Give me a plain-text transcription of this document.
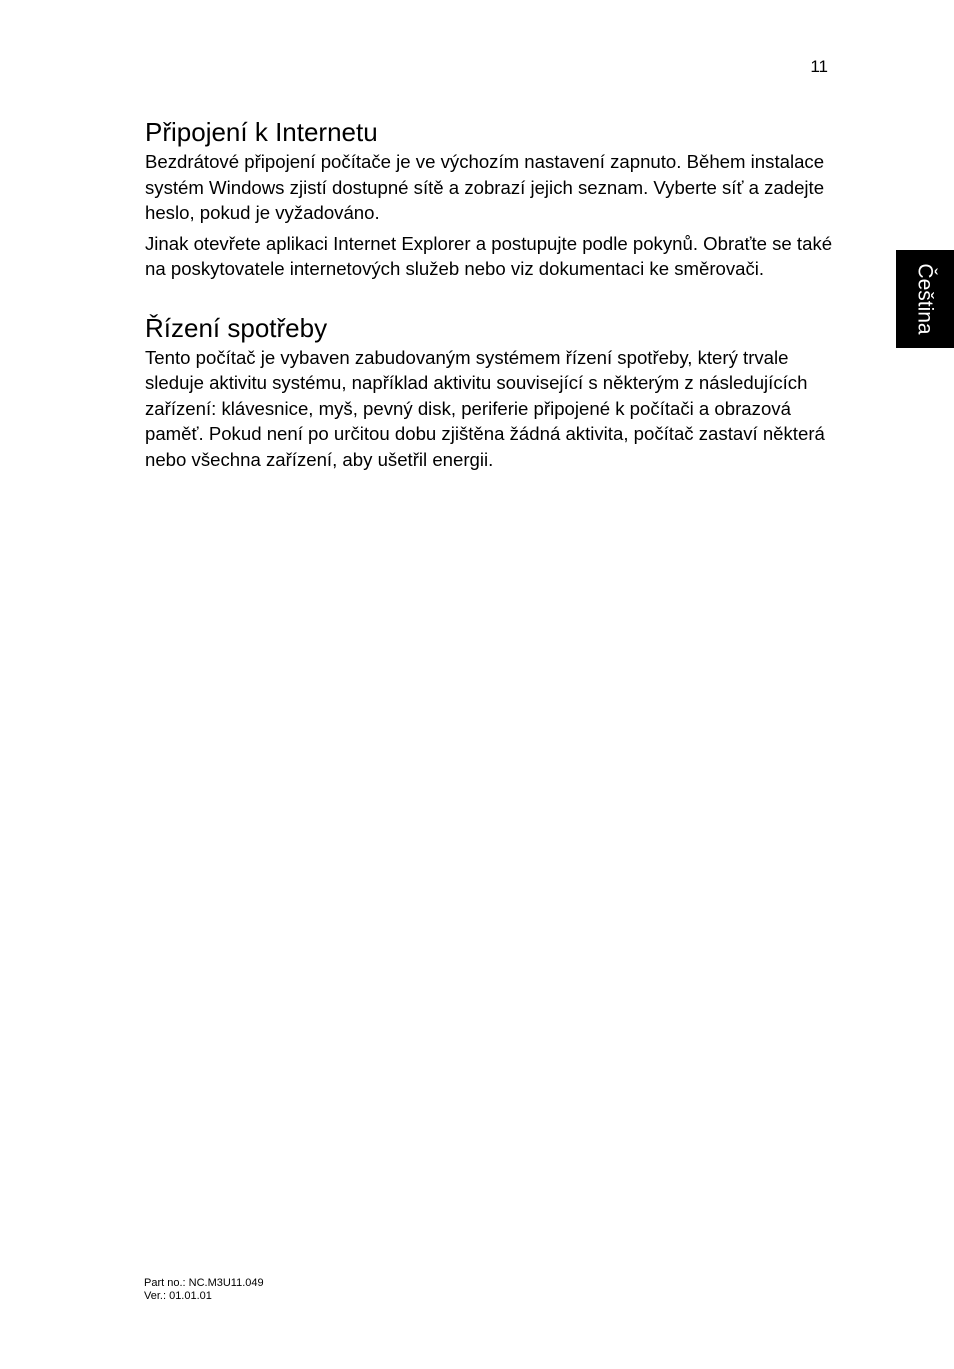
11
Čeština
Připojení k Internetu

Bezdrátové připojení počítače je ve výchozím nastavení zapnuto. Během instalace systém Windows zjistí dostupné sítě a zobrazí jejich seznam. Vyberte síť a zadejte heslo, pokud je vyžadováno.

Jinak otevřete aplikaci Internet Explorer a postupujte podle pokynů. Obraťte se také na poskytovatele internetových služeb nebo viz dokumentaci ke směrovači.

Řízení spotřeby

Tento počítač je vybaven zabudovaným systémem řízení spotřeby, který trvale sleduje aktivitu systému, například aktivitu související s některým z následujících zařízení: klávesnice, myš, pevný disk, periferie připojené k počítači a obrazová paměť. Pokud není po určitou dobu zjištěna žádná aktivita, počítač zastaví některá nebo všechna zařízení, aby ušetřil energii.

Part no.: NC.M3U11.049
Ver.: 01.01.01
